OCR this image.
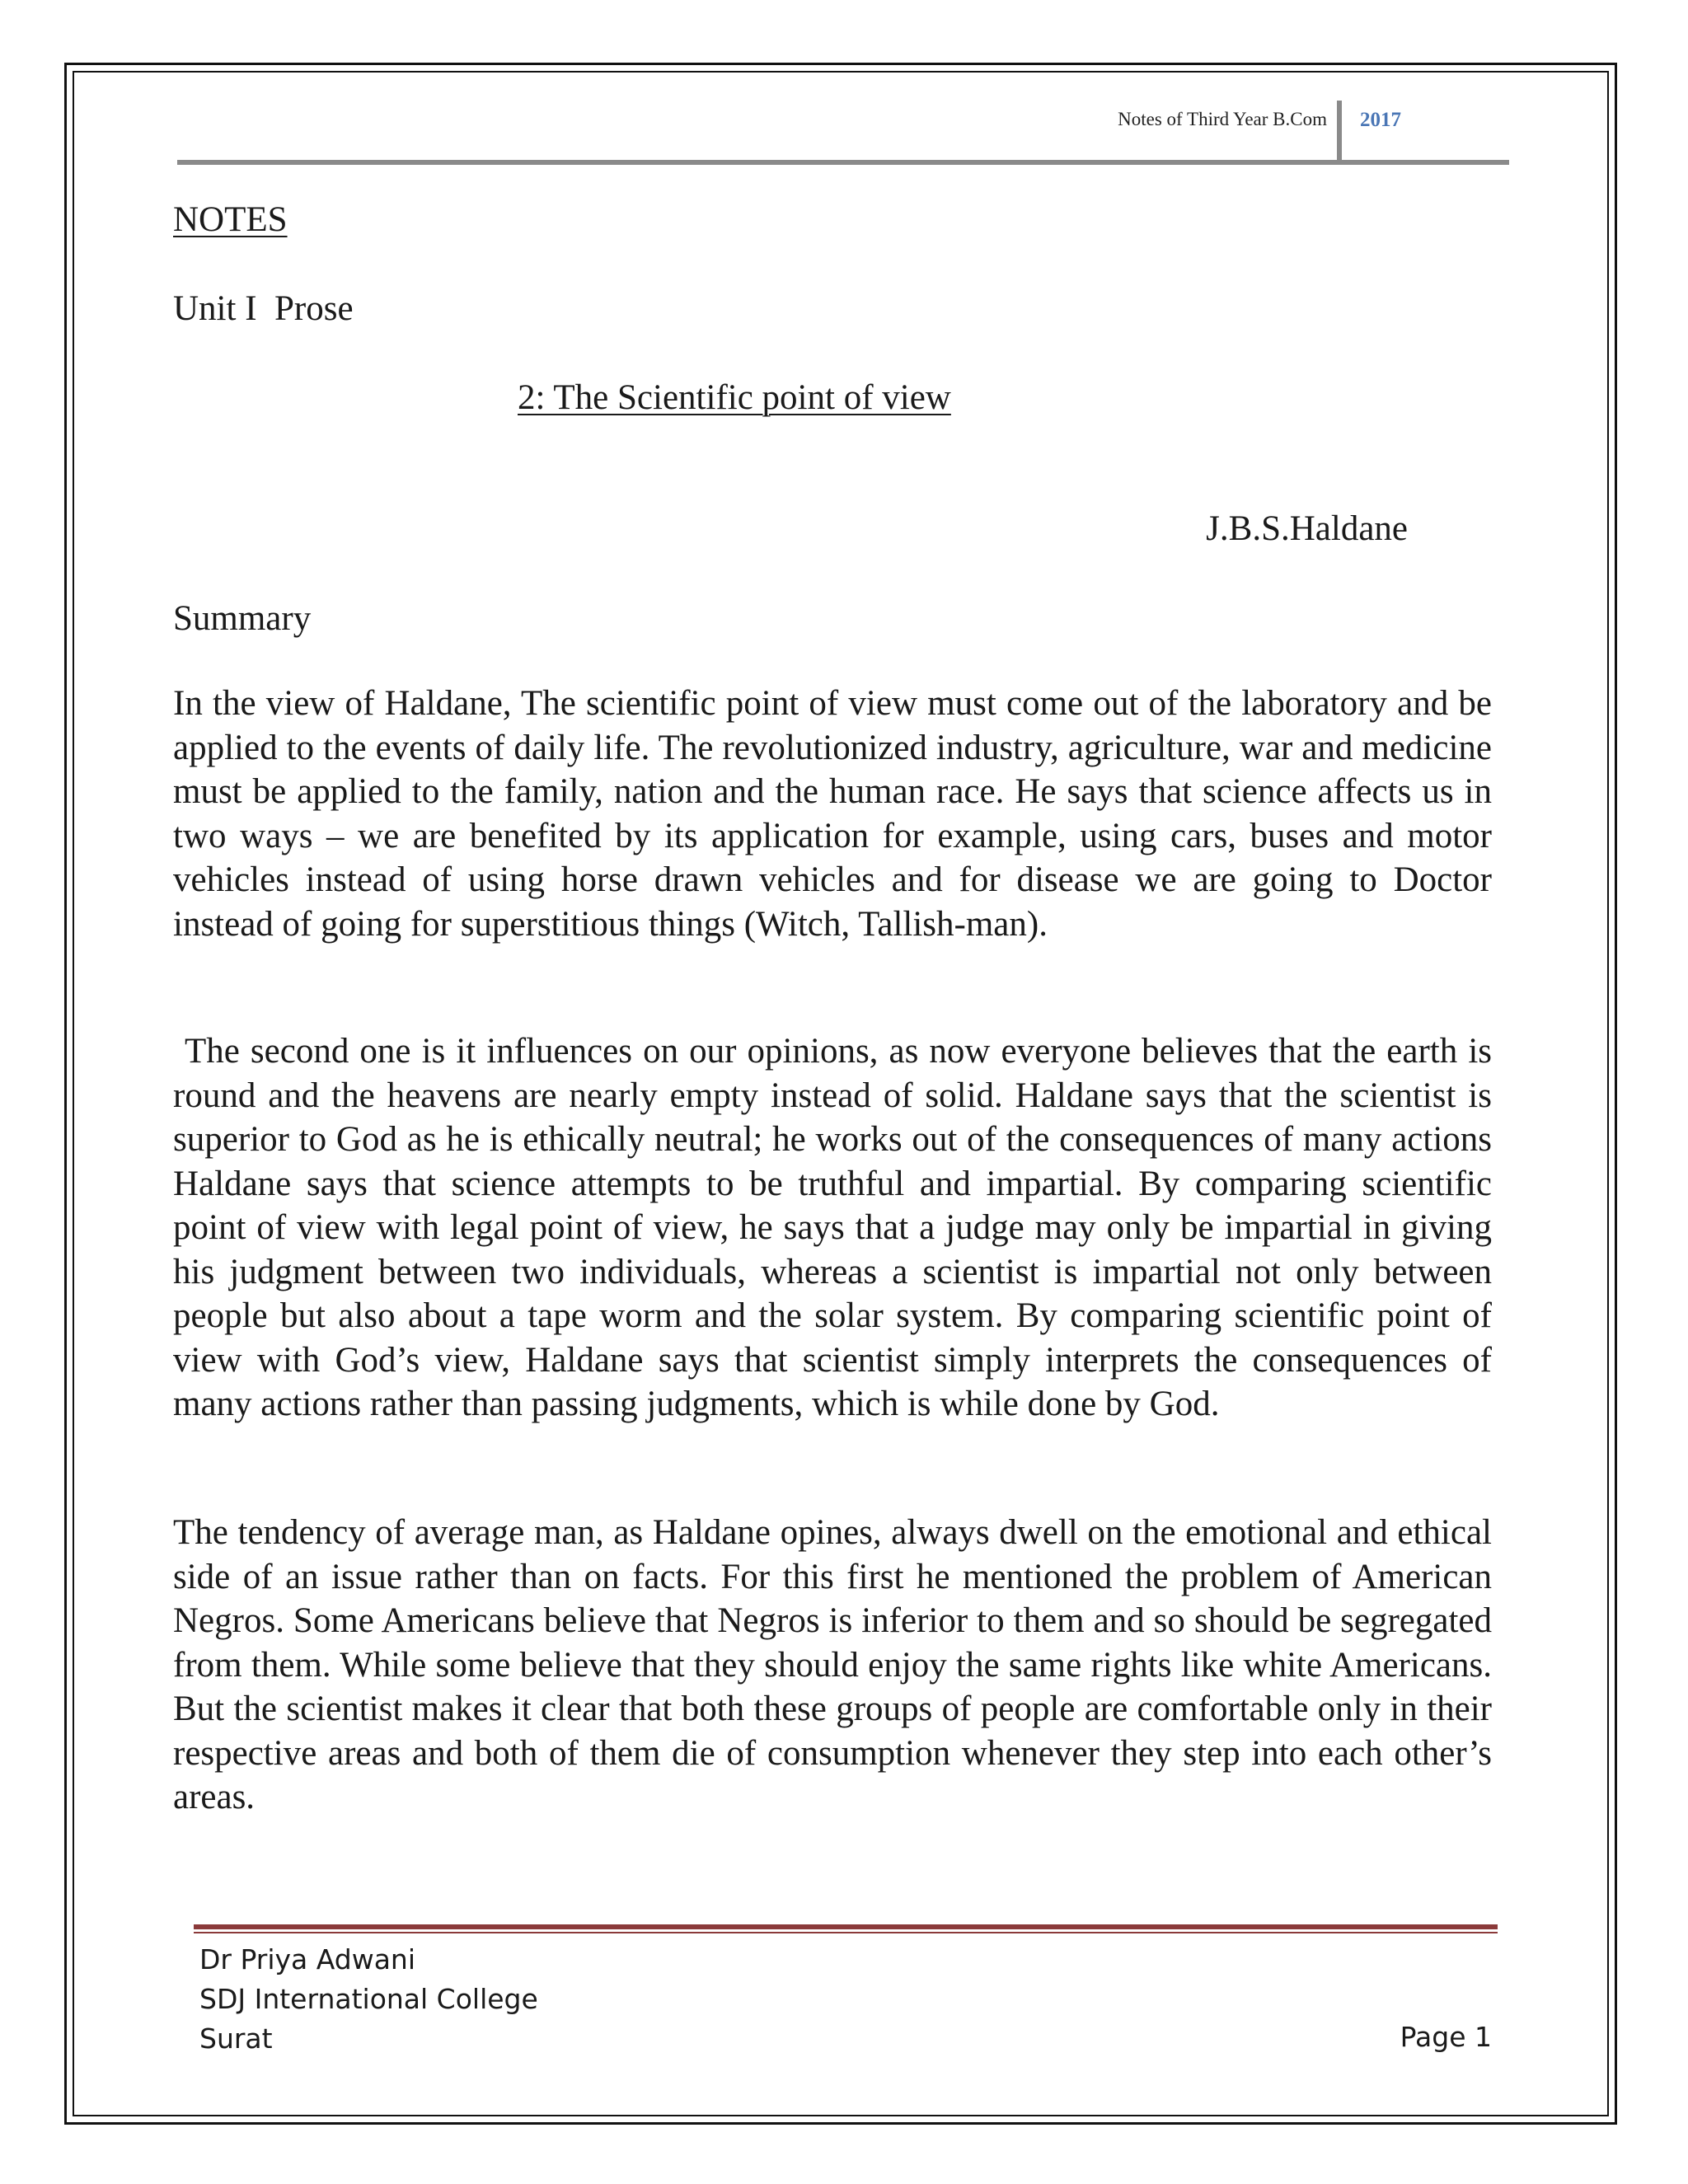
Notes of Third Year B.Com 2017

NOTES

Unit I  Prose

2: The Scientific point of view

J.B.S.Haldane

Summary

In the view of Haldane, The scientific point of view must come out of the laboratory and be applied to the events of daily life. The revolutionized industry, agriculture, war and medicine must be applied to the family, nation and the human race. He says that science affects us in two ways – we are benefited by its application for example, using cars, buses and motor vehicles instead of using horse drawn vehicles and for disease we are going to Doctor instead of going for superstitious things (Witch, Tallish-man).

The second one is it influences on our opinions, as now everyone believes that the earth is round and the heavens are nearly empty instead of solid. Haldane says that the scientist is superior to God as he is ethically neutral; he works out of the consequences of many actions Haldane says that science attempts to be truthful and impartial. By comparing scientific point of view with legal point of view, he says that a judge may only be impartial in giving his judgment between two individuals, whereas a scientist is impartial not only between people but also about a tape worm and the solar system. By comparing scientific point of view with God’s view, Haldane says that scientist simply interprets the consequences of many actions rather than passing judgments, which is while done by God.

The tendency of average man, as Haldane opines, always dwell on the emotional and ethical side of an issue rather than on facts. For this first he mentioned the problem of American Negros. Some Americans believe that Negros is inferior to them and so should be segregated from them. While some believe that they should enjoy the same rights like white Americans. But the scientist makes it clear that both these groups of people are comfortable only in their respective areas and both of them die of consumption whenever they step into each other’s areas.

Dr Priya Adwani
SDJ International College
Surat	Page 1
